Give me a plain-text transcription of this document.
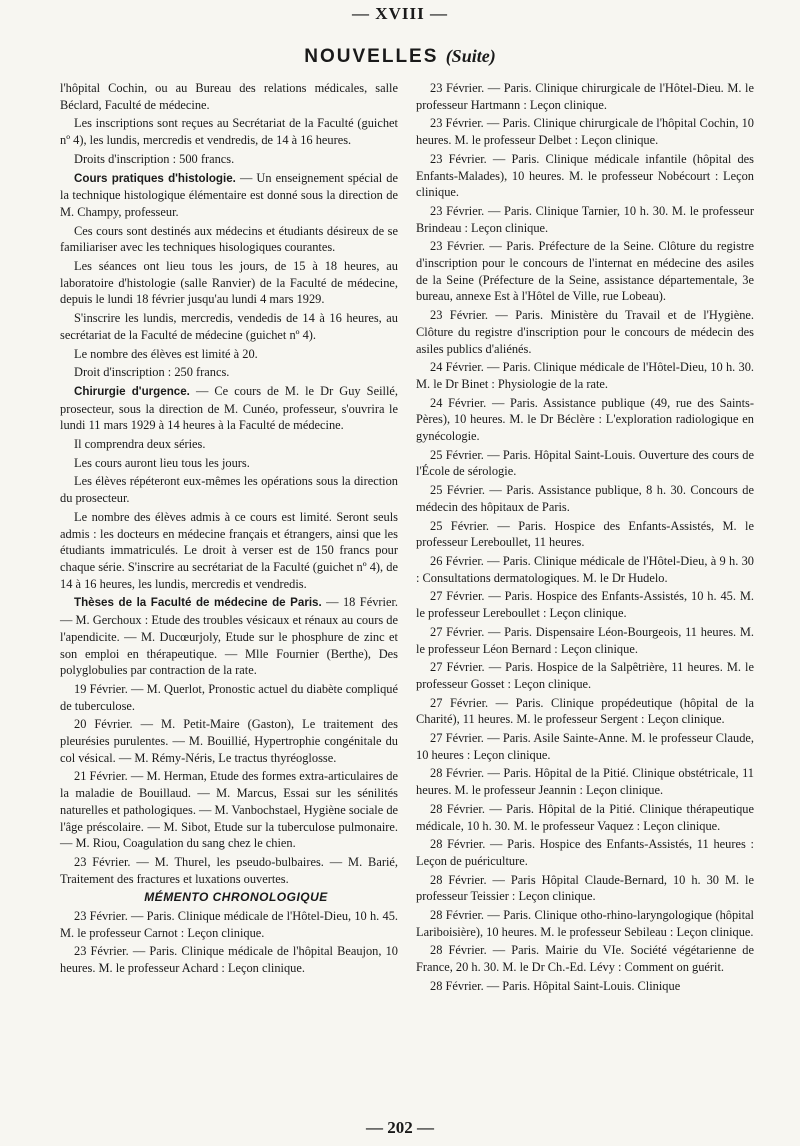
— XVIII —
NOUVELLES (Suite)

l'hôpital Cochin, ou au Bureau des relations médicales, salle Béclard, Faculté de médecine.

Les inscriptions sont reçues au Secrétariat de la Faculté (guichet nº 4), les lundis, mercredis et vendredis, de 14 à 16 heures.

Droits d'inscription : 500 francs.

Cours pratiques d'histologie. — Un enseignement spécial de la technique histologique élémentaire est donné sous la direction de M. Champy, professeur.

Ces cours sont destinés aux médecins et étudiants désireux de se familiariser avec les techniques hisologiques courantes.

Les séances ont lieu tous les jours, de 15 à 18 heures, au laboratoire d'histologie (salle Ranvier) de la Faculté de médecine, depuis le lundi 18 février jusqu'au lundi 4 mars 1929.

S'inscrire les lundis, mercredis, vendedis de 14 à 16 heures, au secrétariat de la Faculté de médecine (guichet nº 4).

Le nombre des élèves est limité à 20.

Droit d'inscription : 250 francs.

Chirurgie d'urgence. — Ce cours de M. le Dr Guy Seillé, prosecteur, sous la direction de M. Cunéo, professeur, s'ouvrira le lundi 11 mars 1929 à 14 heures à la Faculté de médecine.

Il comprendra deux séries.

Les cours auront lieu tous les jours.

Les élèves répéteront eux-mêmes les opérations sous la direction du prosecteur.

Le nombre des élèves admis à ce cours est limité. Seront seuls admis : les docteurs en médecine français et étrangers, ainsi que les étudiants immatriculés. Le droit à verser est de 150 francs pour chaque série. S'inscrire au secrétariat de la Faculté (guichet nº 4), de 14 à 16 heures, les lundis, mercredis et vendredis.

Thèses de la Faculté de médecine de Paris. — 18 Février. — M. Gerchoux : Etude des troubles vésicaux et rénaux au cours de l'apendicite. — M. Ducœurjoly, Etude sur le phosphure de zinc et son emploi en thérapeutique. — Mlle Fournier (Berthe), Des polyglobulies par contraction de la rate.

19 Février. — M. Querlot, Pronostic actuel du diabète compliqué de tuberculose.

20 Février. — M. Petit-Maire (Gaston), Le traitement des pleurésies purulentes. — M. Bouillié, Hypertrophie congénitale du col vésical. — M. Rémy-Néris, Le tractus thyréoglosse.

21 Février. — M. Herman, Etude des formes extra-articulaires de la maladie de Bouillaud. — M. Marcus, Essai sur les sénilités naturelles et pathologiques. — M. Vanbochstael, Hygiène sociale de l'âge préscolaire. — M. Sibot, Etude sur la tuberculose pulmonaire. — M. Riou, Coagulation du sang chez le chien.

23 Février. — M. Thurel, les pseudo-bulbaires. — M. Barié, Traitement des fractures et luxations ouvertes.

MÉMENTO CHRONOLOGIQUE

23 Février. — Paris. Clinique médicale de l'Hôtel-Dieu, 10 h. 45. M. le professeur Carnot : Leçon clinique.

23 Février. — Paris. Clinique médicale de l'hôpital Beaujon, 10 heures. M. le professeur Achard : Leçon clinique.

23 Février. — Paris. Clinique chirurgicale de l'Hôtel-Dieu. M. le professeur Hartmann : Leçon clinique.

23 Février. — Paris. Clinique chirurgicale de l'hôpital Cochin, 10 heures. M. le professeur Delbet : Leçon clinique.

23 Février. — Paris. Clinique médicale infantile (hôpital des Enfants-Malades), 10 heures. M. le professeur Nobécourt : Leçon clinique.

23 Février. — Paris. Clinique Tarnier, 10 h. 30. M. le professeur Brindeau : Leçon clinique.

23 Février. — Paris. Préfecture de la Seine. Clôture du registre d'inscription pour le concours de l'internat en médecine des asiles de la Seine (Préfecture de la Seine, assistance départementale, 3e bureau, annexe Est à l'Hôtel de Ville, rue Lobeau).

23 Février. — Paris. Ministère du Travail et de l'Hygiène. Clôture du registre d'inscription pour le concours de médecin des asiles publics d'aliénés.

24 Février. — Paris. Clinique médicale de l'Hôtel-Dieu, 10 h. 30. M. le Dr Binet : Physiologie de la rate.

24 Février. — Paris. Assistance publique (49, rue des Saints-Pères), 10 heures. M. le Dr Béclère : L'exploration radiologique en gynécologie.

25 Février. — Paris. Hôpital Saint-Louis. Ouverture des cours de l'École de sérologie.

25 Février. — Paris. Assistance publique, 8 h. 30. Concours de médecin des hôpitaux de Paris.

25 Février. — Paris. Hospice des Enfants-Assistés, M. le professeur Lereboullet, 11 heures.

26 Février. — Paris. Clinique médicale de l'Hôtel-Dieu, à 9 h. 30 : Consultations dermatologiques. M. le Dr Hudelo.

27 Février. — Paris. Hospice des Enfants-Assistés, 10 h. 45. M. le professeur Lereboullet : Leçon clinique.

27 Février. — Paris. Dispensaire Léon-Bourgeois, 11 heures. M. le professeur Léon Bernard : Leçon clinique.

27 Février. — Paris. Hospice de la Salpêtrière, 11 heures. M. le professeur Gosset : Leçon clinique.

27 Février. — Paris. Clinique propédeutique (hôpital de la Charité), 11 heures. M. le professeur Sergent : Leçon clinique.

27 Février. — Paris. Asile Sainte-Anne. M. le professeur Claude, 10 heures : Leçon clinique.

28 Février. — Paris. Hôpital de la Pitié. Clinique obstétricale, 11 heures. M. le professeur Jeannin : Leçon clinique.

28 Février. — Paris. Hôpital de la Pitié. Clinique thérapeutique médicale, 10 h. 30. M. le professeur Vaquez : Leçon clinique.

28 Février. — Paris. Hospice des Enfants-Assistés, 11 heures : Leçon de puériculture.

28 Février. — Paris Hôpital Claude-Bernard, 10 h. 30 M. le professeur Teissier : Leçon clinique.

28 Février. — Paris. Clinique otho-rhino-laryngologique (hôpital Lariboisière), 10 heures. M. le professeur Sebileau : Leçon clinique.

28 Février. — Paris. Mairie du VIe. Société végétarienne de France, 20 h. 30. M. le Dr Ch.-Ed. Lévy : Comment on guérit.

28 Février. — Paris. Hôpital Saint-Louis. Clinique

— 202 —
